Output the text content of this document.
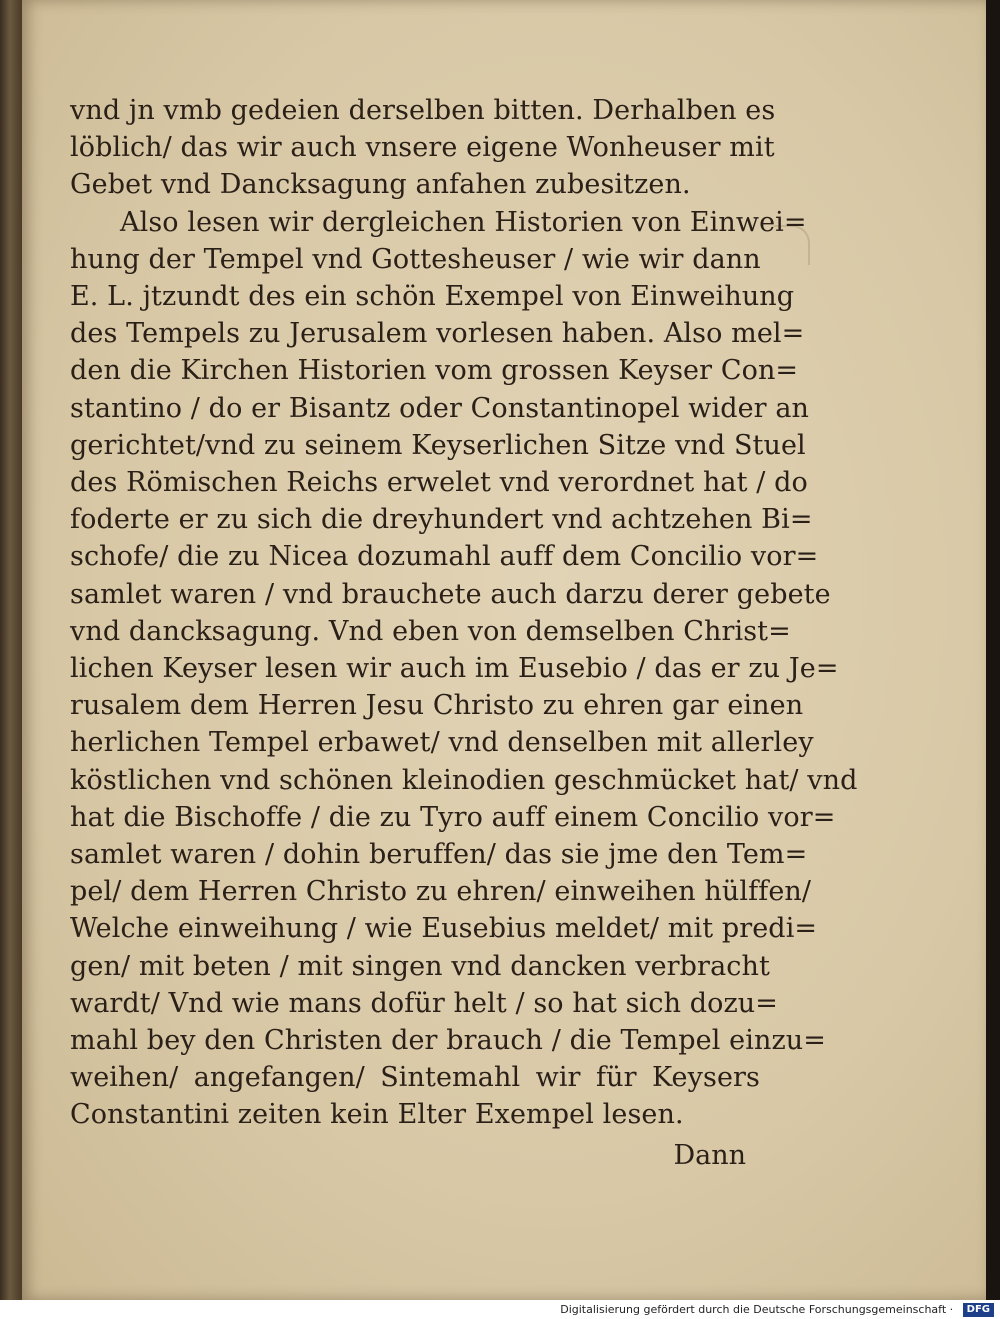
vnd jn vmb gedeien derselben bitten. Derhalben es
löblich/ das wir auch vnsere eigene Wonheuser mit
Gebet vnd Dancksagung anfahen zubesitzen.
Also lesen wir dergleichen Historien von Einwei=
hung der Tempel vnd Gottesheuser / wie wir dann
E. L. jtzundt des ein schön Exempel von Einweihung
des Tempels zu Jerusalem vorlesen haben. Also mel=
den die Kirchen Historien vom grossen Keyser Con=
stantino / do er Bisantz oder Constantinopel wider an
gerichtet/vnd zu seinem Keyserlichen Sitze vnd Stuel
des Römischen Reichs erwelet vnd verordnet hat / do
foderte er zu sich die dreyhundert vnd achtzehen Bi=
schofe/ die zu Nicea dozumahl auff dem Concilio vor=
samlet waren / vnd brauchete auch darzu derer gebete
vnd dancksagung. Vnd eben von demselben Christ=
lichen Keyser lesen wir auch im Eusebio / das er zu Je=
rusalem dem Herren Jesu Christo zu ehren gar einen
herlichen Tempel erbawet/ vnd denselben mit allerley
köstlichen vnd schönen kleinodien geschmücket hat/ vnd
hat die Bischoffe / die zu Tyro auff einem Concilio vor=
samlet waren / dohin beruffen/ das sie jme den Tem=
pel/ dem Herren Christo zu ehren/ einweihen hülffen/
Welche einweihung / wie Eusebius meldet/ mit predi=
gen/ mit beten / mit singen vnd dancken verbracht
wardt/ Vnd wie mans dofür helt / so hat sich dozu=
mahl bey den Christen der brauch / die Tempel einzu=
weihen/ angefangen/ Sintemahl wir für Keysers
Constantini zeiten kein Elter Exempel lesen.
Dann
Digitalisierung gefördert durch die Deutsche Forschungsgemeinschaft · DFG
